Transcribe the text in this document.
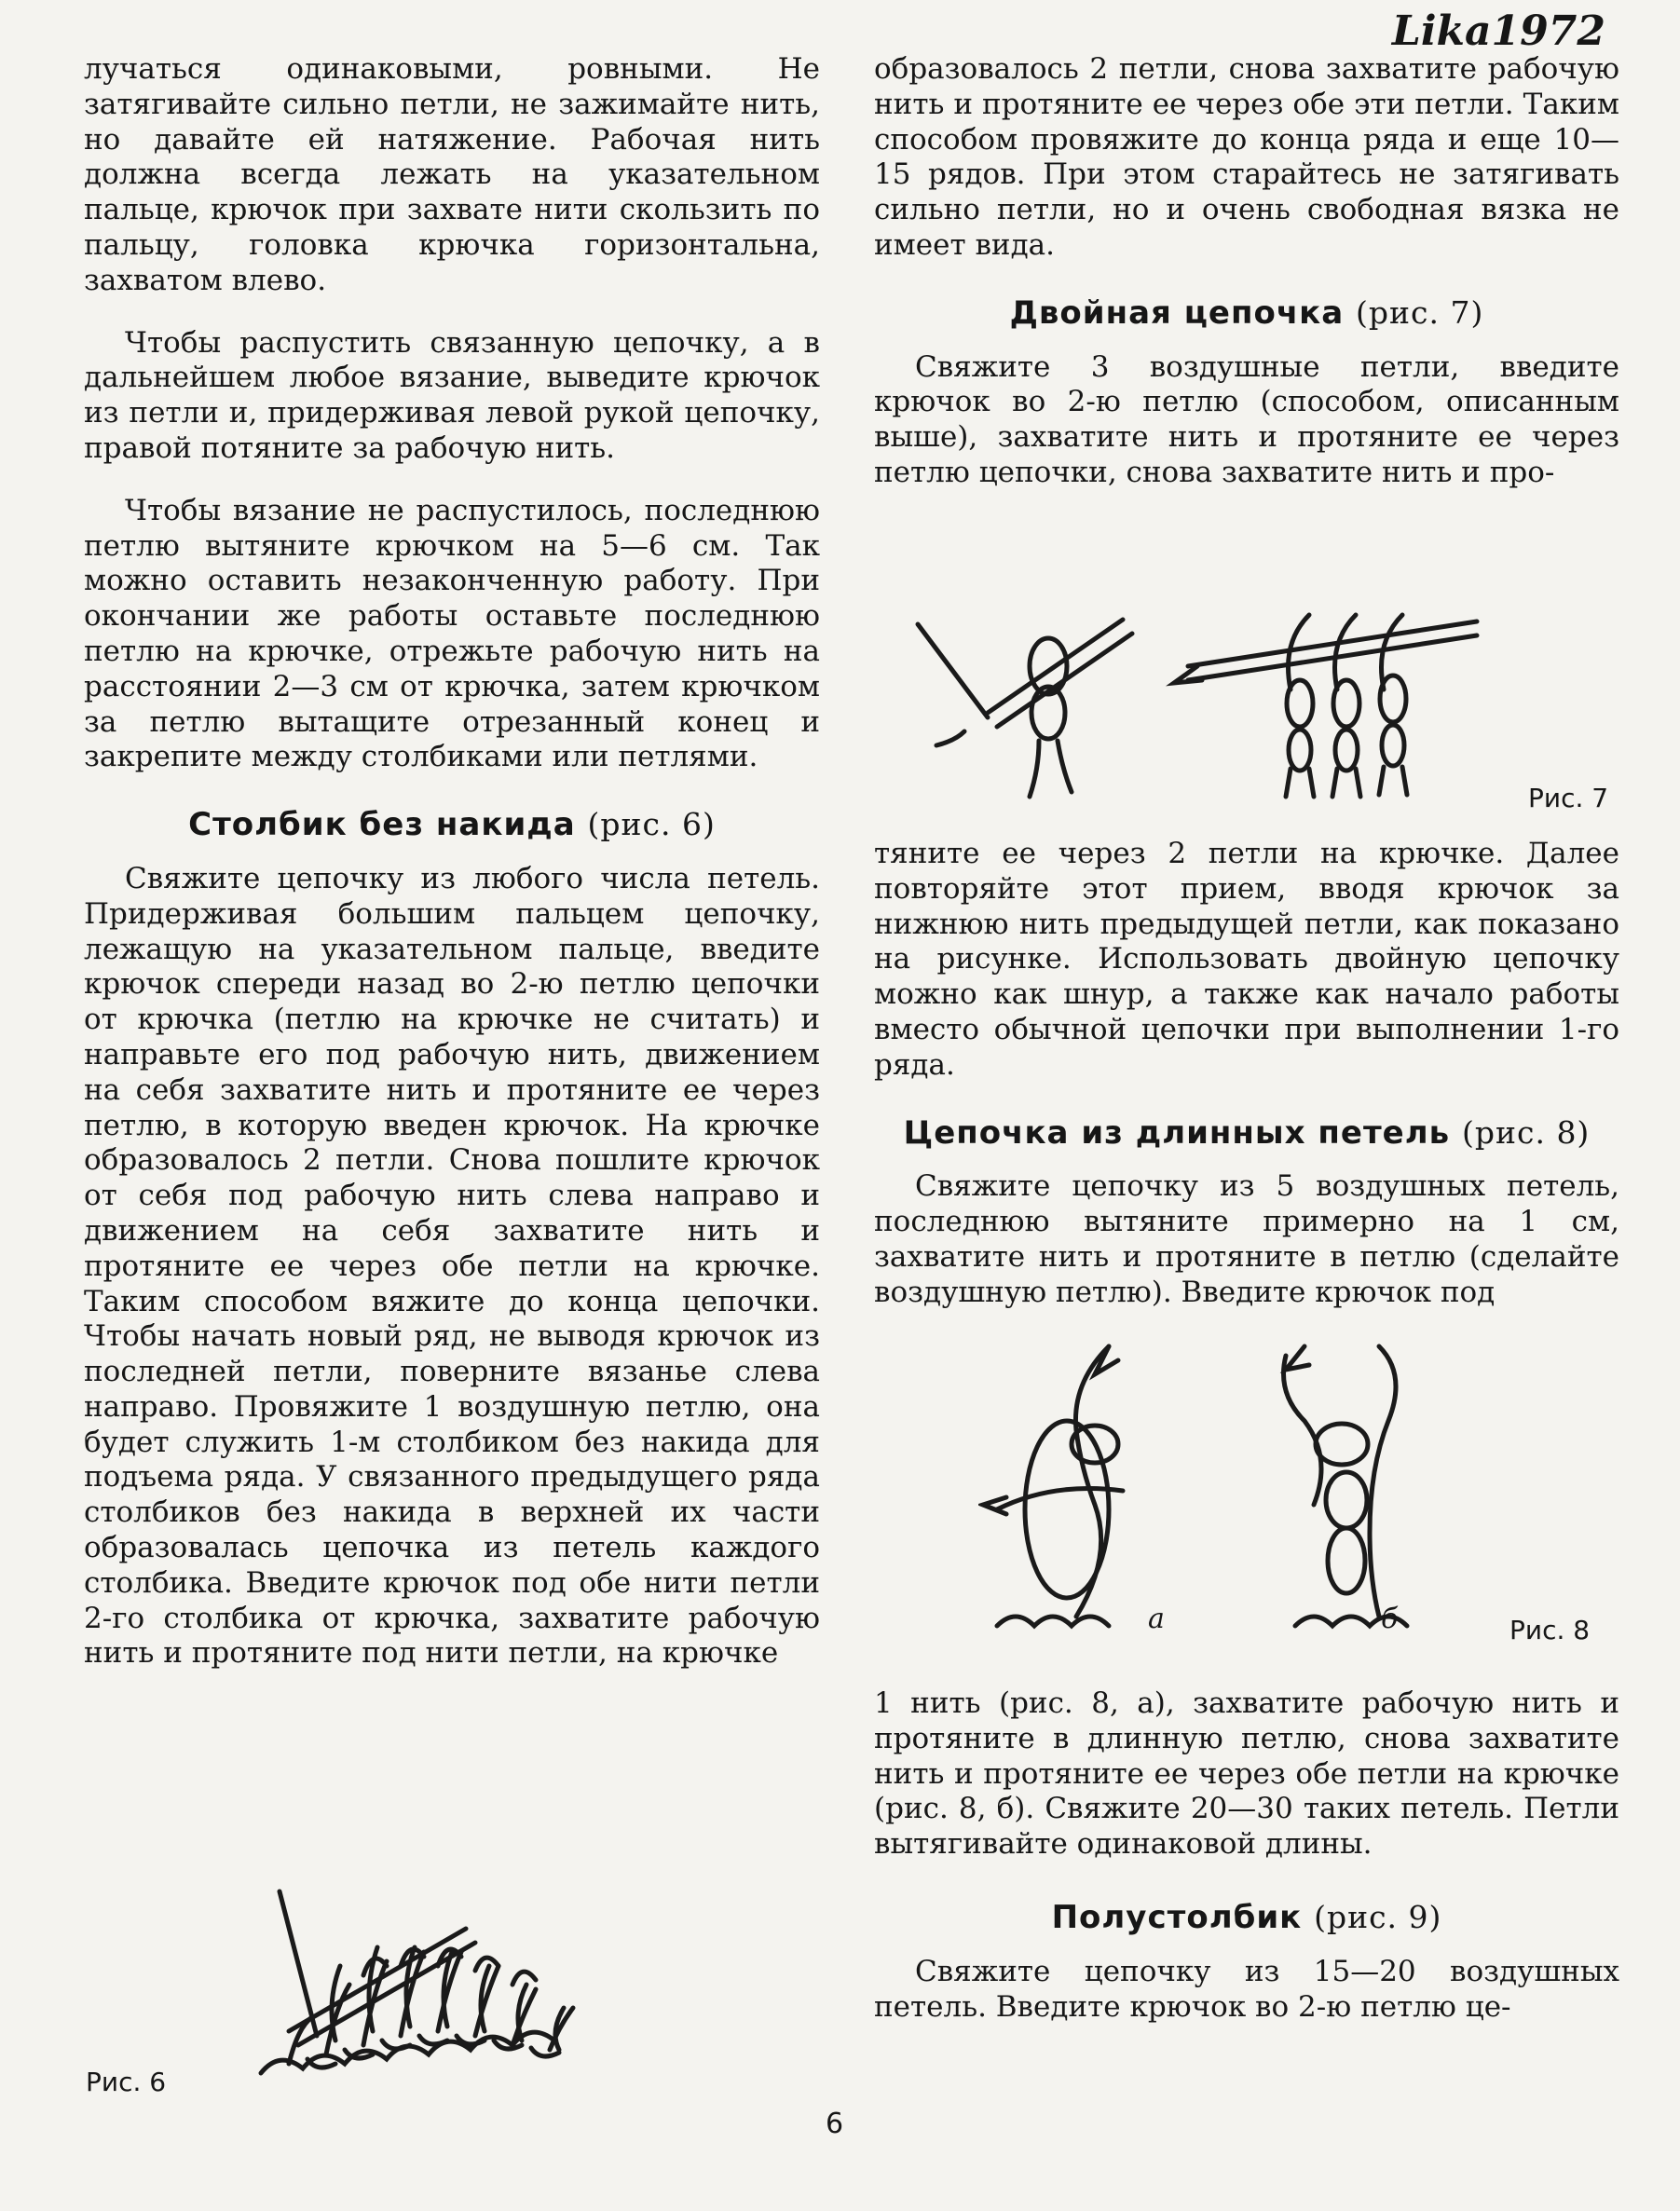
Lika1972

лучаться одинаковыми, ровными. Не затягивайте сильно петли, не зажимайте нить, но давайте ей натяжение. Рабочая нить должна всегда лежать на указательном пальце, крючок при захвате нити скользить по пальцу, головка крючка горизонтальна, захватом влево.

Чтобы распустить связанную цепочку, а в дальнейшем любое вязание, выведите крючок из петли и, придерживая левой рукой цепочку, правой потяните за рабочую нить.

Чтобы вязание не распустилось, последнюю петлю вытяните крючком на 5—6 см. Так можно оставить незаконченную работу. При окончании же работы оставьте последнюю петлю на крючке, отрежьте рабочую нить на расстоянии 2—3 см от крючка, затем крючком за петлю вытащите отрезанный конец и закрепите между столбиками или петлями.

Столбик без накида (рис. 6)

Свяжите цепочку из любого числа петель. Придерживая большим пальцем цепочку, лежащую на указательном пальце, введите крючок спереди назад во 2-ю петлю цепочки от крючка (петлю на крючке не считать) и направьте его под рабочую нить, движением на себя захватите нить и протяните ее через петлю, в которую введен крючок. На крючке образовалось 2 петли. Снова пошлите крючок от себя под рабочую нить слева направо и движением на себя захватите нить и протяните ее через обе петли на крючке. Таким способом вяжите до конца цепочки. Чтобы начать новый ряд, не выводя крючок из последней петли, поверните вязанье слева направо. Провяжите 1 воздушную петлю, она будет служить 1-м столбиком без накида для подъема ряда. У связанного предыдущего ряда столбиков без накида в верхней их части образовалась цепочка из петель каждого столбика. Введите крючок под обе нити петли 2-го столбика от крючка, захватите рабочую нить и протяните под нити петли, на крючке

Рис. 6

образовалось 2 петли, снова захватите рабочую нить и протяните ее через обе эти петли. Таким способом провяжите до конца ряда и еще 10—15 рядов. При этом старайтесь не затягивать сильно петли, но и очень свободная вязка не имеет вида.

Двойная цепочка (рис. 7)

Свяжите 3 воздушные петли, введите крючок во 2-ю петлю (способом, описанным выше), захватите нить и протяните ее через петлю цепочки, снова захватите нить и про-

Рис. 7

тяните ее через 2 петли на крючке. Далее повторяйте этот прием, вводя крючок за нижнюю нить предыдущей петли, как показано на рисунке. Использовать двойную цепочку можно как шнур, а также как начало работы вместо обычной цепочки при выполнении 1-го ряда.

Цепочка из длинных петель (рис. 8)

Свяжите цепочку из 5 воздушных петель, последнюю вытяните примерно на 1 см, захватите нить и протяните в петлю (сделайте воздушную петлю). Введите крючок под

а	б	Рис. 8

1 нить (рис. 8, а), захватите рабочую нить и протяните в длинную петлю, снова захватите нить и протяните ее через обе петли на крючке (рис. 8, б). Свяжите 20—30 таких петель. Петли вытягивайте одинаковой длины.

Полустолбик (рис. 9)

Свяжите цепочку из 15—20 воздушных петель. Введите крючок во 2-ю петлю це-

6
